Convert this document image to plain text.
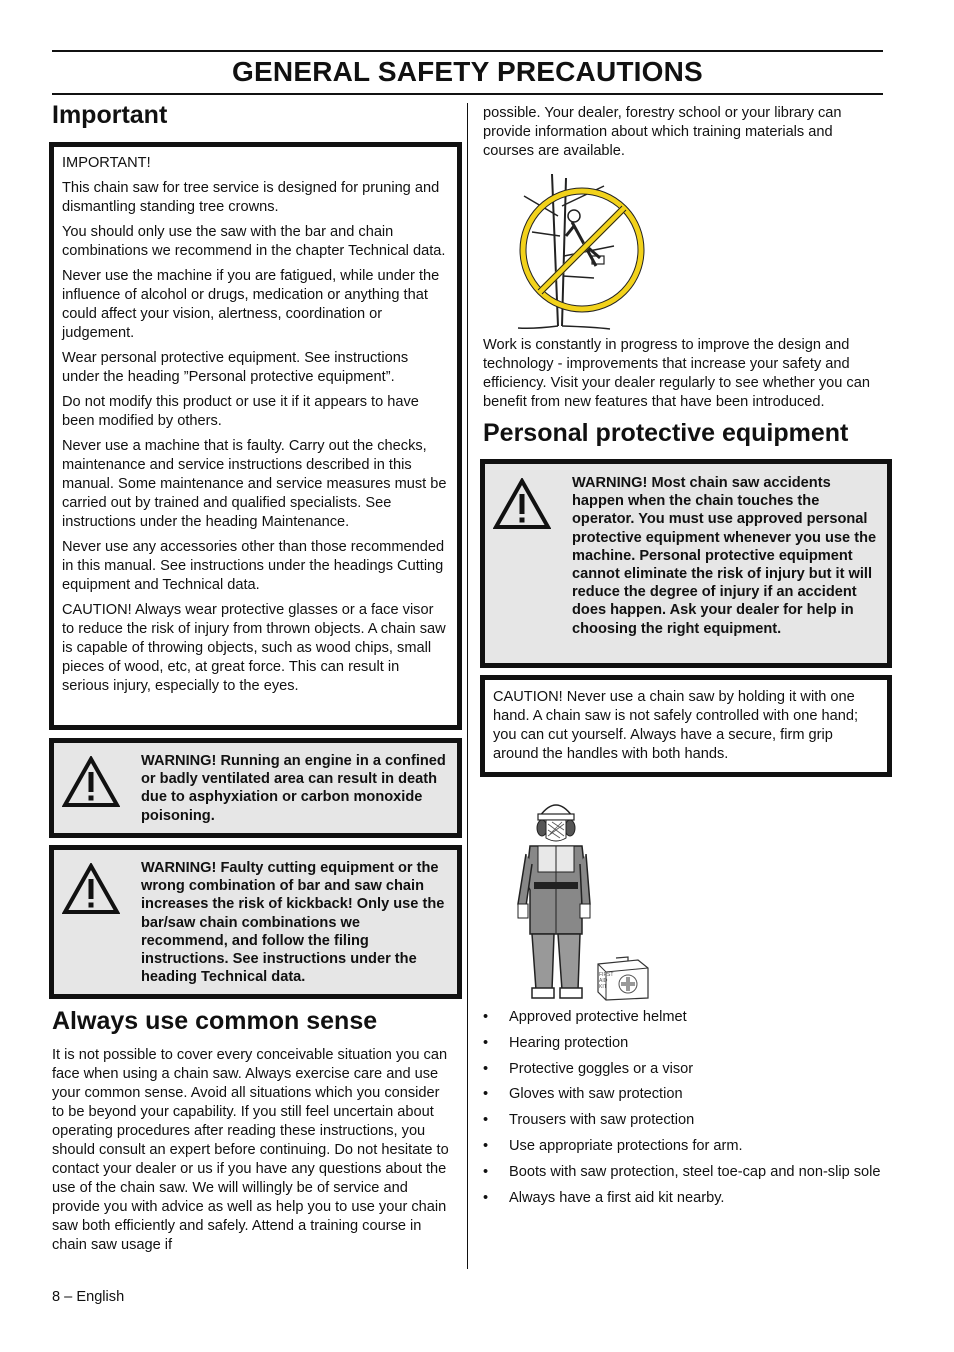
GENERAL SAFETY PRECAUTIONS
Important

IMPORTANT!

This chain saw for tree service is designed for pruning and dismantling standing tree crowns.

You should only use the saw with the bar and chain combinations we recommend in the chapter Technical data.

Never use the machine if you are fatigued, while under the influence of alcohol or drugs, medication or anything that could affect your vision, alertness, coordination or judgement.

Wear personal protective equipment. See instructions under the heading ”Personal protective equipment”.

Do not modify this product or use it if it appears to have been modified by others.

Never use a machine that is faulty. Carry out the checks, maintenance and service instructions described in this manual. Some maintenance and service measures must be carried out by trained and qualified specialists. See instructions under the heading Maintenance.

Never use any accessories other than those recommended in this manual. See instructions under the headings Cutting equipment and Technical data.

CAUTION! Always wear protective glasses or a face visor to reduce the risk of injury from thrown objects. A chain saw is capable of throwing objects, such as wood chips, small pieces of wood, etc, at great force. This can result in serious injury, especially to the eyes.

WARNING! Running an engine in a confined or badly ventilated area can result in death due to asphyxiation or carbon monoxide poisoning.
WARNING! Faulty cutting equipment or the wrong combination of bar and saw chain increases the risk of kickback! Only use the bar/saw chain combinations we recommend, and follow the filing instructions. See instructions under the heading Technical data.
Always use common sense
It is not possible to cover every conceivable situation you can face when using a chain saw. Always exercise care and use your common sense. Avoid all situations which you consider to be beyond your capability. If you still feel uncertain about operating procedures after reading these instructions, you should consult an expert before continuing. Do not hesitate to contact your dealer or us if you have any questions about the use of the chain saw. We will willingly be of service and provide you with advice as well as help you to use your chain saw both efficiently and safely. Attend a training course in chain saw usage if
possible. Your dealer, forestry school or your library can provide information about which training materials and courses are available.
Work is constantly in progress to improve the design and technology - improvements that increase your safety and efficiency. Visit your dealer regularly to see whether you can benefit from new features that have been introduced.
Personal protective equipment
WARNING! Most chain saw accidents happen when the chain touches the operator. You must use approved personal protective equipment whenever you use the machine. Personal protective equipment cannot eliminate the risk of injury but it will reduce the degree of injury if an accident does happen. Ask your dealer for help in choosing the right equipment.
CAUTION! Never use a chain saw by holding it with one hand. A chain saw is not safely controlled with one hand; you can cut yourself. Always have a secure, firm grip around the handles with both hands.
FIRST
AID
KIT
• Approved protective helmet
• Hearing protection
• Protective goggles or a visor
• Gloves with saw protection
• Trousers with saw protection
• Use appropriate protections for arm.
• Boots with saw protection, steel toe-cap and non-slip sole
• Always have a first aid kit nearby.
8 – English
